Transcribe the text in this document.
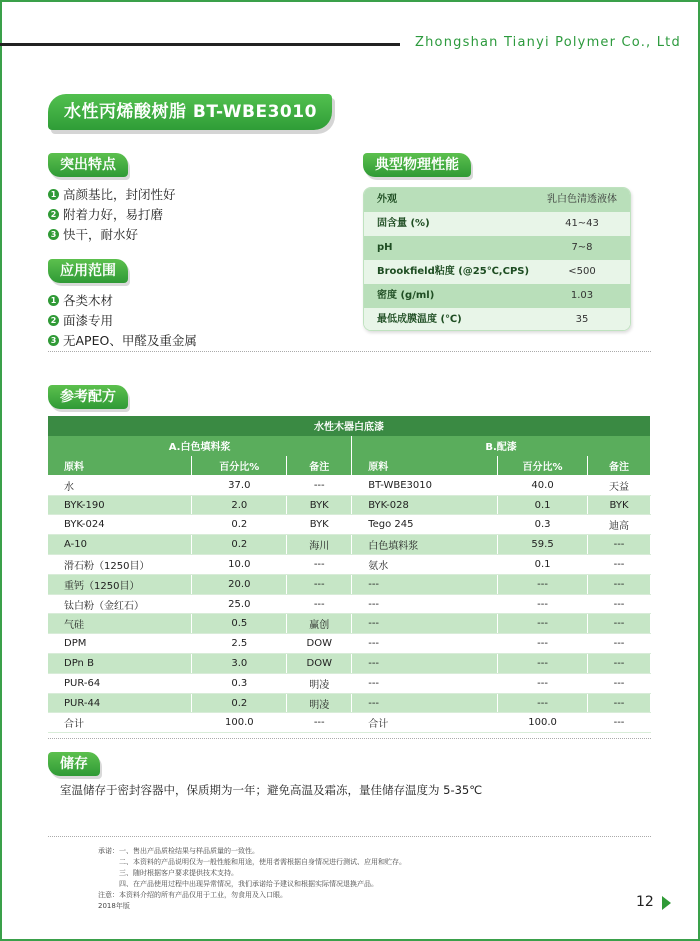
Zhongshan Tianyi Polymer Co., Ltd
水性丙烯酸树脂 BT-WBE3010
突出特点
1 高颜基比，封闭性好
2 附着力好，易打磨
3 快干，耐水好
应用范围
1 各类木材
2 面漆专用
3 无APEO、甲醛及重金属
典型物理性能
外观	乳白色清透液体
固含量 (%)	41~43
pH	7~8
Brookfield粘度 (@25℃,CPS)	<500
密度 (g/ml)	1.03
最低成膜温度 (℃)	35
参考配方
水性木器白底漆					
A.白色填料浆			B.配漆		
原料	百分比%	备注	原料	百分比%	备注
水	37.0	---	BT-WBE3010	40.0	天益
BYK-190	2.0	BYK	BYK-028	0.1	BYK
BYK-024	0.2	BYK	Tego 245	0.3	迪高
A-10	0.2	海川	白色填料浆	59.5	---
滑石粉（1250目）	10.0	---	氨水	0.1	---
重钙（1250目）	20.0	---	---	---	---
钛白粉（金红石）	25.0	---	---	---	---
气硅	0.5	赢创	---	---	---
DPM	2.5	DOW	---	---	---
DPn B	3.0	DOW	---	---	---
PUR-64	0.3	明凌	---	---	---
PUR-44	0.2	明凌	---	---	---
合计	100.0	---	合计	100.0	---
储存
室温储存于密封容器中，保质期为一年；避免高温及霜冻，量佳储存温度为 5-35℃
承诺：一、售出产品质检结果与样品质量的一致性。
二、本资料的产品说明仅为一般性能和用途，使用者需根据自身情况进行测试、应用和贮存。
三、随时根据客户要求提供技术支持。
四、在产品使用过程中出现异常情况，我们承诺给予建议和根据实际情况退换产品。
注意：本资料介绍的所有产品仅用于工业，勿食用及入口眼。
2018年版	12
